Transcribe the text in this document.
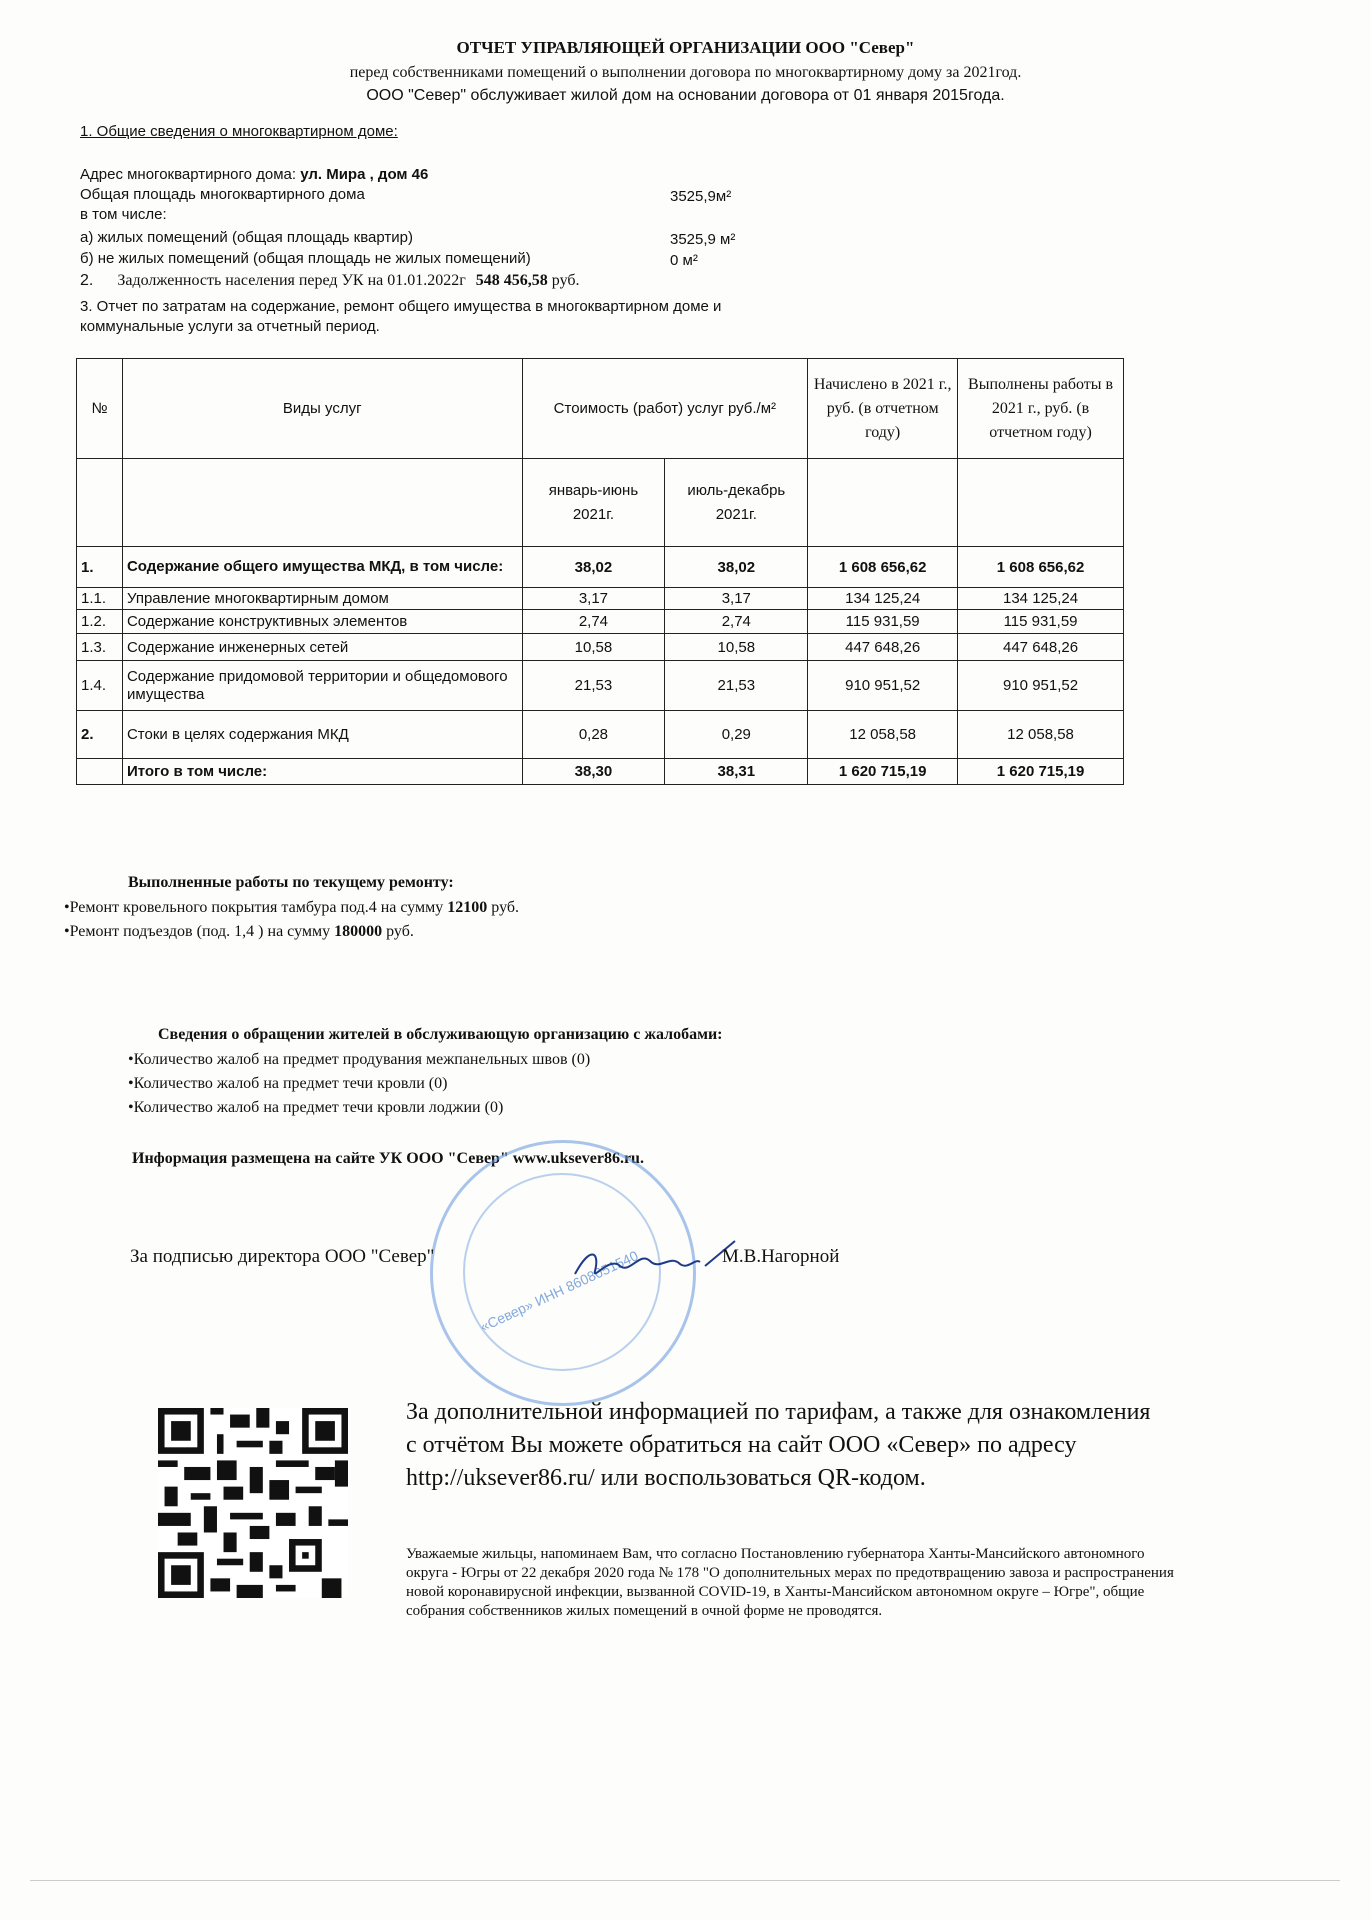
ОТЧЕТ УПРАВЛЯЮЩЕЙ ОРГАНИЗАЦИИ ООО "Север"
перед собственниками помещений о выполнении договора по многоквартирному дому за 2021год.
ООО "Север" обслуживает жилой дом на основании договора от 01 января 2015года.
1. Общие сведения о многоквартирном доме:
Адрес многоквартирного дома: ул. Мира , дом 46
Общая площадь многоквартирного дома	3525,9м²
в том числе:
а) жилых помещений (общая площадь квартир)	3525,9 м²
б) не жилых помещений (общая площадь не жилых помещений)	0 м²
2. Задолженность населения перед УК на 01.01.2022г 548 456,58 руб.
3. Отчет по затратам на содержание, ремонт общего имущества в многоквартирном доме и
коммунальные услуги за отчетный период.
№	Виды услуг	Стоимость (работ) услуг руб./м²		Начислено в 2021 г., руб. (в отчетном году)	Выполнены работы в 2021 г., руб. (в отчетном году)
		январь-июнь 2021г.	июль-декабрь 2021г.		
1.	Содержание общего имущества МКД, в том числе:	38,02	38,02	1 608 656,62	1 608 656,62
1.1.	Управление многоквартирным домом	3,17	3,17	134 125,24	134 125,24
1.2.	Содержание конструктивных элементов	2,74	2,74	115 931,59	115 931,59
1.3.	Содержание инженерных сетей	10,58	10,58	447 648,26	447 648,26
1.4.	Содержание придомовой территории и общедомового имущества	21,53	21,53	910 951,52	910 951,52
2.	Стоки в целях содержания МКД	0,28	0,29	12 058,58	12 058,58
	Итого в том числе:	38,30	38,31	1 620 715,19	1 620 715,19
Выполненные работы по текущему ремонту:
•Ремонт кровельного покрытия тамбура под.4 на сумму 12100 руб.
•Ремонт подъездов (под. 1,4 ) на сумму 180000 руб.
Сведения о обращении жителей в обслуживающую организацию с жалобами:
•Количество жалоб на предмет продувания межпанельных швов (0)
•Количество жалоб на предмет течи кровли (0)
•Количество жалоб на предмет течи кровли лоджии (0)
Информация размещена на сайте УК ООО "Север" www.uksever86.ru.
«Север» ИНН 8608051540
За подписью директора ООО "Север"	М.В.Нагорной
За дополнительной информацией по тарифам, а также для ознакомления с отчётом Вы можете обратиться на сайт ООО «Север» по адресу http://uksever86.ru/ или воспользоваться QR-кодом.
Уважаемые жильцы, напоминаем Вам, что согласно Постановлению губернатора Ханты-Мансийского автономного округа - Югры от 22 декабря 2020 года № 178 "О дополнительных мерах по предотвращению завоза и распространения новой коронавирусной инфекции, вызванной COVID-19, в Ханты-Мансийском автономном округе – Югре", общие собрания собственников жилых помещений в очной форме не проводятся.
